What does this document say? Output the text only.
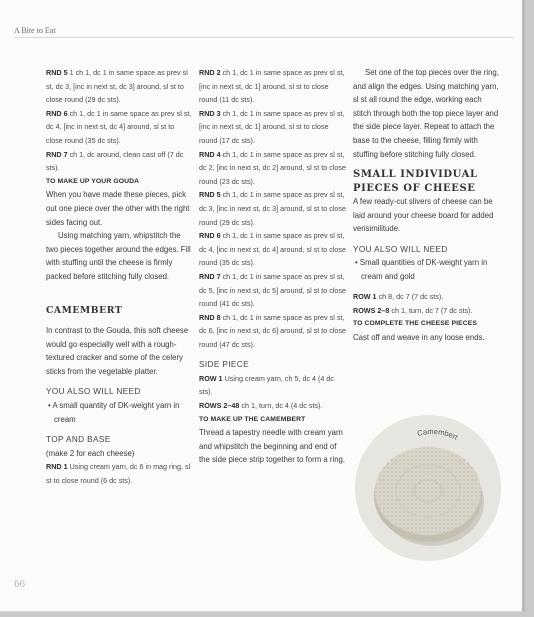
A Bite to Eat

RND 5 1 ch 1, dc 1 in same space as prev sl st, dc 3, [inc in next st, dc 3] around, sl st to close round (29 dc sts).

RND 6 ch 1, dc 1 in same space as prev sl st, dc 4, [inc in next st, dc 4] around, sl st to close round (35 dc sts).

RND 7 ch 1, dc around, clean cast off (7 dc sts).

TO MAKE UP YOUR GOUDA

When you have made these pieces, pick out one piece over the other with the right sides facing out.

Using matching yarn, whipstitch the two pieces together around the edges. Fill with stuffing until the cheese is firmly packed before stitching fully closed.

CAMEMBERT

In contrast to the Gouda, this soft cheese would go especially well with a rough-textured cracker and some of the celery sticks from the vegetable platter.

YOU ALSO WILL NEED

• A small quantity of DK-weight yarn in cream

TOP AND BASE

(make 2 for each cheese)

RND 1 Using cream yarn, dc 6 in mag ring, sl st to close round (6 dc sts).

RND 2 ch 1, dc 1 in same space as prev sl st, [inc in next st, dc 1] around, sl st to close round (11 dc sts).

RND 3 ch 1, dc 1 in same space as prev sl st, [inc in next st, dc 1] around, sl st to close round (17 dc sts).

RND 4 ch 1, dc 1 in same space as prev sl st, dc 2, [inc in next st, dc 2] around, sl st to close round (23 dc sts).

RND 5 ch 1, dc 1 in same space as prev sl st, dc 3, [inc in next st, dc 3] around, sl st to close round (29 dc sts).

RND 6 ch 1, dc 1 in same space as prev sl st, dc 4, [inc in next st, dc 4] around, sl st to close round (35 dc sts).

RND 7 ch 1, dc 1 in same space as prev sl st, dc 5, [inc in next st, dc 5] around, sl st to close round (41 dc sts).

RND 8 ch 1, dc 1 in same space as prev sl st, dc 6, [inc in next st, dc 6] around, sl st to close round (47 dc sts).

SIDE PIECE

ROW 1 Using cream yarn, ch 5, dc 4 (4 dc sts).

ROWS 2–48 ch 1, turn, dc 4 (4 dc sts).

TO MAKE UP THE CAMEMBERT

Thread a tapestry needle with cream yarn and whipstitch the beginning and end of the side piece strip together to form a ring.

Set one of the top pieces over the ring, and align the edges. Using matching yarn, sl st all round the edge, working each stitch through both the top piece layer and the side piece layer. Repeat to attach the base to the cheese, filling firmly with stuffing before stitching fully closed.

SMALL INDIVIDUAL PIECES OF CHEESE

A few ready-cut slivers of cheese can be laid around your cheese board for added verisimilitude.

YOU ALSO WILL NEED

• Small quantities of DK-weight yarn in cream and gold

ROW 1 ch 8, dc 7 (7 dc sts).

ROWS 2–8 ch 1, turn, dc 7 (7 dc sts).

TO COMPLETE THE CHEESE PIECES

Cast off and weave in any loose ends.

Camembert
66
